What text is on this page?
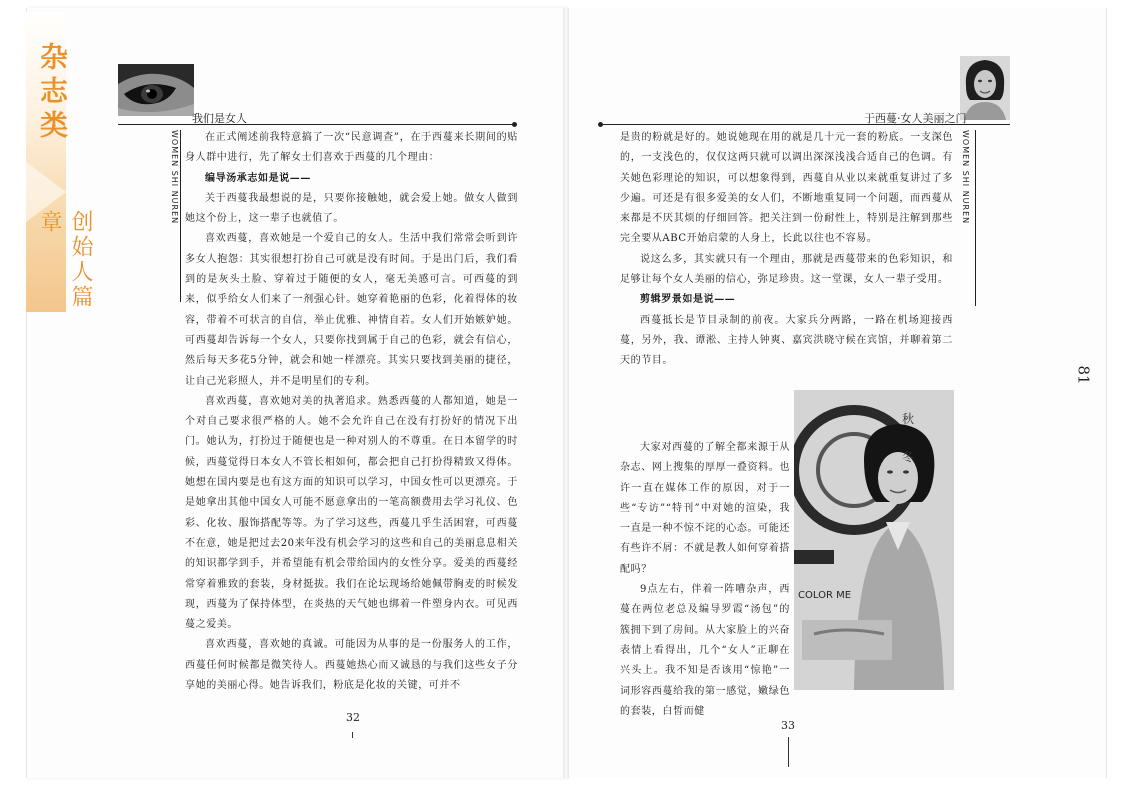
杂志类
创始人篇章
我们是女人
WOMEN SHI NUREN	在正式阐述前我特意搞了一次“民意调查”，在于西蔓来长期间的贴身人群中进行，先了解女士们喜欢于西蔓的几个理由：

编导汤承志如是说——

关于西蔓我最想说的是，只要你接触她，就会爱上她。做女人做到她这个份上，这一辈子也就值了。

喜欢西蔓，喜欢她是一个爱自己的女人。生活中我们常常会听到许多女人抱怨：其实很想打扮自己可就是没有时间。于是出门后，我们看到的是灰头土脸、穿着过于随便的女人，毫无美感可言。可西蔓的到来，似乎给女人们来了一剂强心针。她穿着艳丽的色彩，化着得体的妆容，带着不可状言的自信，举止优雅、神情自若。女人们开始嫉妒她。可西蔓却告诉每一个女人，只要你找到属于自己的色彩，就会有信心，然后每天多花5分钟，就会和她一样漂亮。其实只要找到美丽的捷径，让自己光彩照人，并不是明星们的专利。

喜欢西蔓，喜欢她对美的执著追求。熟悉西蔓的人都知道，她是一个对自己要求很严格的人。她不会允许自己在没有打扮好的情况下出门。她认为，打扮过于随便也是一种对别人的不尊重。在日本留学的时候，西蔓觉得日本女人不管长相如何，都会把自己打扮得精致又得体。她想在国内要是也有这方面的知识可以学习，中国女性可以更漂亮。于是她拿出其他中国女人可能不愿意拿出的一笔高额费用去学习礼仪、色彩、化妆、服饰搭配等等。为了学习这些，西蔓几乎生活困窘，可西蔓不在意，她是把过去20来年没有机会学习的这些和自己的美丽息息相关的知识都学到手，并希望能有机会带给国内的女性分享。爱美的西蔓经常穿着雅致的套装，身材挺拔。我们在论坛现场给她佩带胸麦的时候发现，西蔓为了保持体型，在炎热的天气她也绑着一件塑身内衣。可见西蔓之爱美。

喜欢西蔓，喜欢她的真诚。可能因为从事的是一份服务人的工作，西蔓任何时候都是微笑待人。西蔓她热心而又诚恳的与我们这些女子分享她的美丽心得。她告诉我们，粉底是化妆的关键，可并不

32
于西蔓·女人美丽之门
WOMEN SHI NUREN

是贵的粉就是好的。她说她现在用的就是几十元一套的粉底。一支深色的，一支浅色的，仅仅这两只就可以调出深深浅浅合适自己的色调。有关她色彩理论的知识，可以想象得到，西蔓自从业以来就重复讲过了多少遍。可还是有很多爱美的女人们，不断地重复同一个问题，而西蔓从来都是不厌其烦的仔细回答。把关注到一份耐性上，特别是注解到那些完全要从ABC开始启蒙的人身上，长此以往也不容易。

说这么多，其实就只有一个理由，那就是西蔓带来的色彩知识，和足够让每个女人美丽的信心，弥足珍贵。这一堂课，女人一辈子受用。

剪辑罗景如是说——

西蔓抵长是节目录制的前夜。大家兵分两路，一路在机场迎接西蔓，另外，我、谭淞、主持人钟爽、嘉宾洪晓守候在宾馆，并聊着第二天的节目。

大家对西蔓的了解全都来源于从杂志、网上搜集的厚厚一叠资料。也许一直在媒体工作的原因，对于一些“专访”“特刊”中对她的渲染，我一直是一种不惊不诧的心态。可能还有些许不屑：不就是教人如何穿着搭配吗？

9点左右，伴着一阵嘈杂声，西蔓在两位老总及编导罗霞“汤包”的簇拥下到了房间。从大家脸上的兴奋表情上看得出，几个“女人”正聊在兴头上。我不知是否该用“惊艳”一词形容西蔓给我的第一感觉，嫩绿色的套装，白皙而健

秋
冬
COLOR ME
33
81
